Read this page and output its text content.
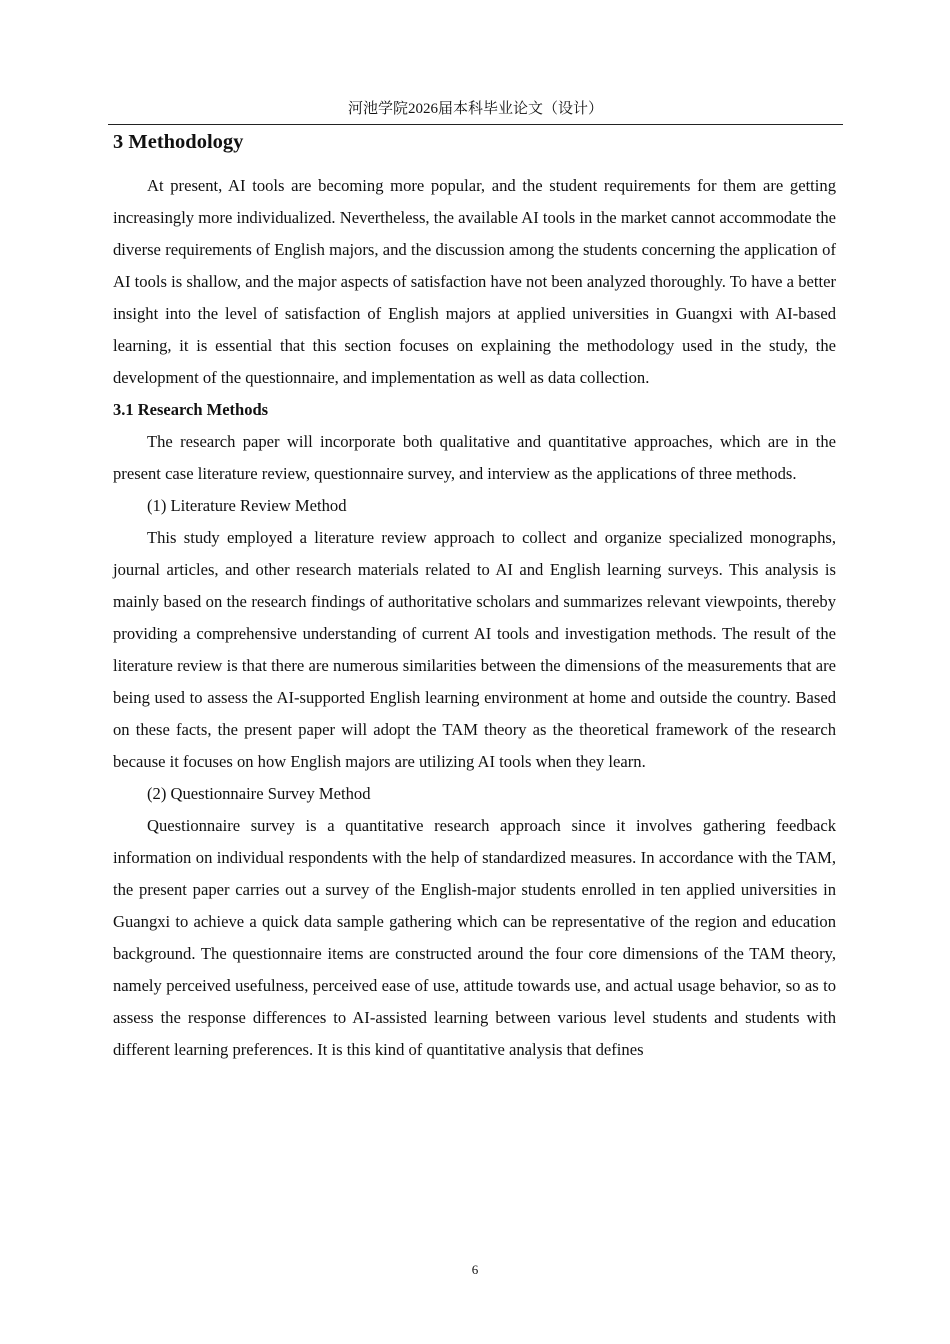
河池学院2026届本科毕业论文（设计）
3 Methodology

At present, AI tools are becoming more popular, and the student requirements for them are getting increasingly more individualized. Nevertheless, the available AI tools in the market cannot accommodate the diverse requirements of English majors, and the discussion among the students concerning the application of AI tools is shallow, and the major aspects of satisfaction have not been analyzed thoroughly. To have a better insight into the level of satisfaction of English majors at applied universities in Guangxi with AI-based learning, it is essential that this section focuses on explaining the methodology used in the study, the development of the questionnaire, and implementation as well as data collection.

3.1 Research Methods

The research paper will incorporate both qualitative and quantitative approaches, which are in the present case literature review, questionnaire survey, and interview as the applications of three methods.

(1) Literature Review Method

This study employed a literature review approach to collect and organize specialized monographs, journal articles, and other research materials related to AI and English learning surveys. This analysis is mainly based on the research findings of authoritative scholars and summarizes relevant viewpoints, thereby providing a comprehensive understanding of current AI tools and investigation methods. The result of the literature review is that there are numerous similarities between the dimensions of the measurements that are being used to assess the AI-supported English learning environment at home and outside the country. Based on these facts, the present paper will adopt the TAM theory as the theoretical framework of the research because it focuses on how English majors are utilizing AI tools when they learn.

(2) Questionnaire Survey Method

Questionnaire survey is a quantitative research approach since it involves gathering feedback information on individual respondents with the help of standardized measures. In accordance with the TAM, the present paper carries out a survey of the English-major students enrolled in ten applied universities in Guangxi to achieve a quick data sample gathering which can be representative of the region and education background. The questionnaire items are constructed around the four core dimensions of the TAM theory, namely perceived usefulness, perceived ease of use, attitude towards use, and actual usage behavior, so as to assess the response differences to AI-assisted learning between various level students and students with different learning preferences. It is this kind of quantitative analysis that defines

6
